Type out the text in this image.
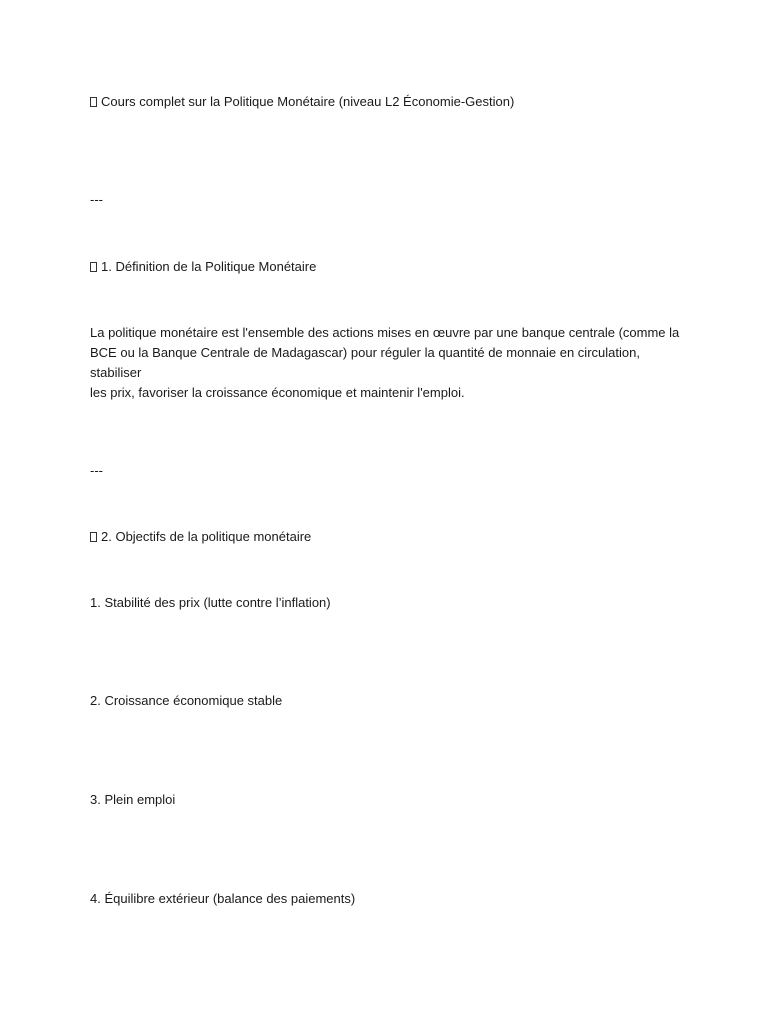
Cours complet sur la Politique Monétaire (niveau L2 Économie-Gestion)
---
1. Définition de la Politique Monétaire
La politique monétaire est l'ensemble des actions mises en œuvre par une banque centrale (comme la
BCE ou la Banque Centrale de Madagascar) pour réguler la quantité de monnaie en circulation, stabiliser
les prix, favoriser la croissance économique et maintenir l'emploi.
---
2. Objectifs de la politique monétaire
1. Stabilité des prix (lutte contre l’inflation)
2. Croissance économique stable
3. Plein emploi
4. Équilibre extérieur (balance des paiements)
